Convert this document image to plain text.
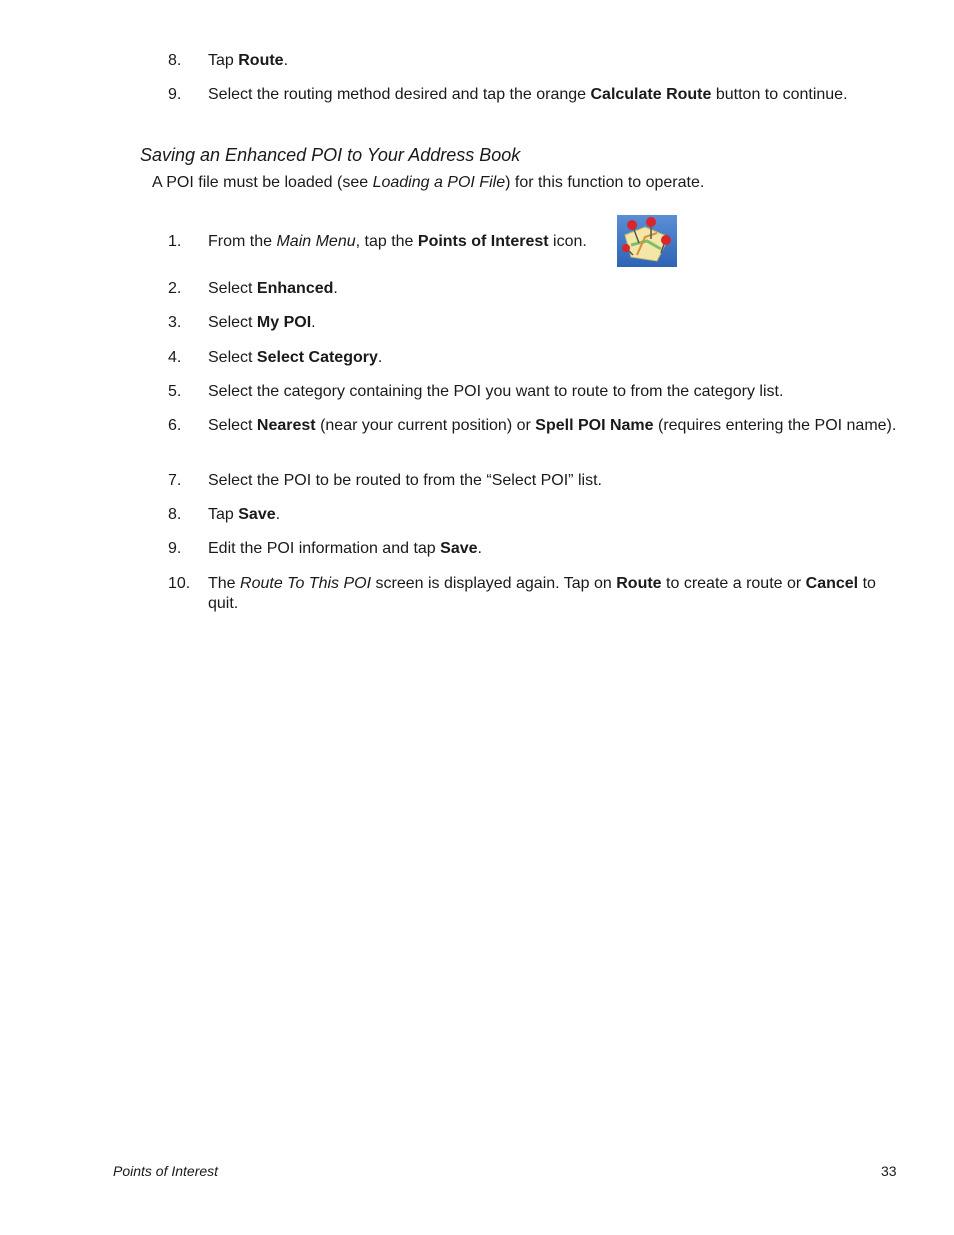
8. Tap Route.
9. Select the routing method desired and tap the orange Calculate Route button to continue.
Saving an Enhanced POI to Your Address Book
A POI file must be loaded (see Loading a POI File) for this function to operate.
1. From the Main Menu, tap the Points of Interest icon.
2. Select Enhanced.
3. Select My POI.
4. Select Select Category.
5. Select the category containing the POI you want to route to from the category list.
6. Select Nearest (near your current position) or Spell POI Name (requires entering the POI name).
7. Select the POI to be routed to from the “Select POI” list.
8. Tap Save.
9. Edit the POI information and tap Save.
10. The Route To This POI screen is displayed again. Tap on Route to create a route or Cancel to quit.
Points of Interest	33
